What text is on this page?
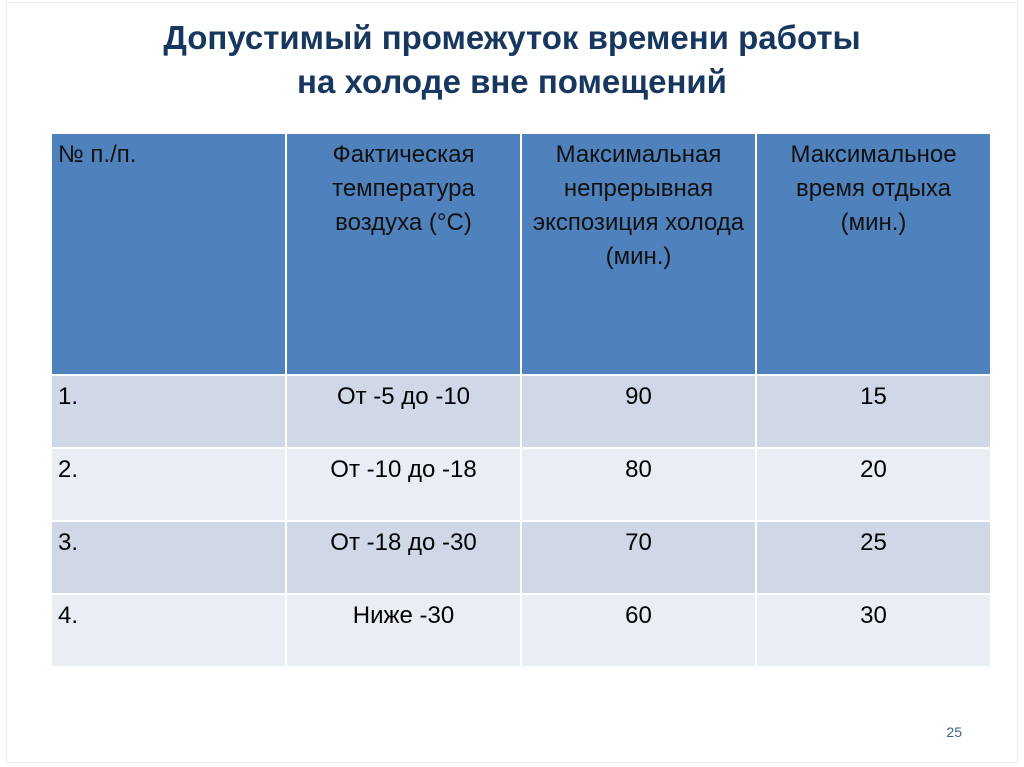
Допустимый промежуток времени работы
на холоде вне помещений
№ п./п.	Фактическая температура воздуха (°C)	Максимальная непрерывная экспозиция холода (мин.)	Максимальное время отдыха (мин.)
1.	От -5 до -10	90	15
2.	От -10 до -18	80	20
3.	От -18 до -30	70	25
4.	Ниже -30	60	30
25
